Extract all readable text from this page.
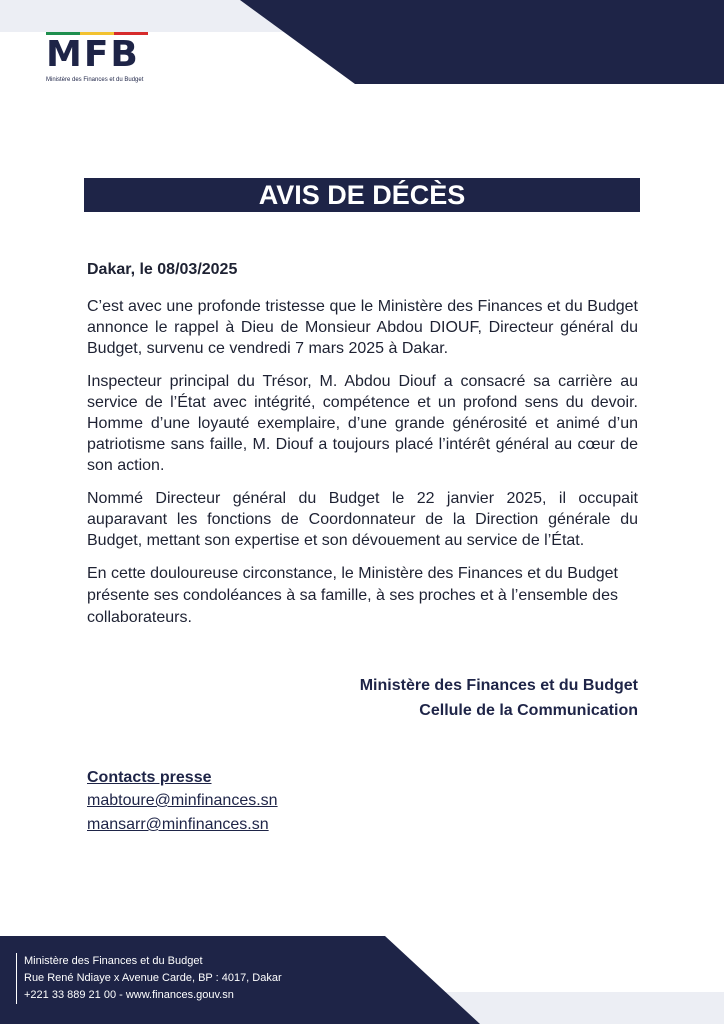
MFB
Ministère des Finances et du Budget
AVIS DE DÉCÈS
Dakar, le 08/03/2025

C’est avec une profonde tristesse que le Ministère des Finances et du Budget annonce le rappel à Dieu de Monsieur Abdou DIOUF, Directeur général du Budget, survenu ce vendredi 7 mars 2025 à Dakar.

Inspecteur principal du Trésor, M. Abdou Diouf a consacré sa carrière au service de l’État avec intégrité, compétence et un profond sens du devoir. Homme d’une loyauté exemplaire, d’une grande générosité et animé d’un patriotisme sans faille, M. Diouf a toujours placé l’intérêt général au cœur de son action.

Nommé Directeur général du Budget le 22 janvier 2025, il occupait auparavant les fonctions de Coordonnateur de la Direction générale du Budget, mettant son expertise et son dévouement au service de l’État.

En cette douloureuse circonstance, le Ministère des Finances et du Budget présente ses condoléances à sa famille, à ses proches et à l’ensemble des collaborateurs.

Ministère des Finances et du Budget
Cellule de la Communication
Contacts presse
mabtoure@minfinances.sn
mansarr@minfinances.sn
Ministère des Finances et du Budget
Rue René Ndiaye x Avenue Carde, BP : 4017, Dakar
+221 33 889 21 00 - www.finances.gouv.sn
